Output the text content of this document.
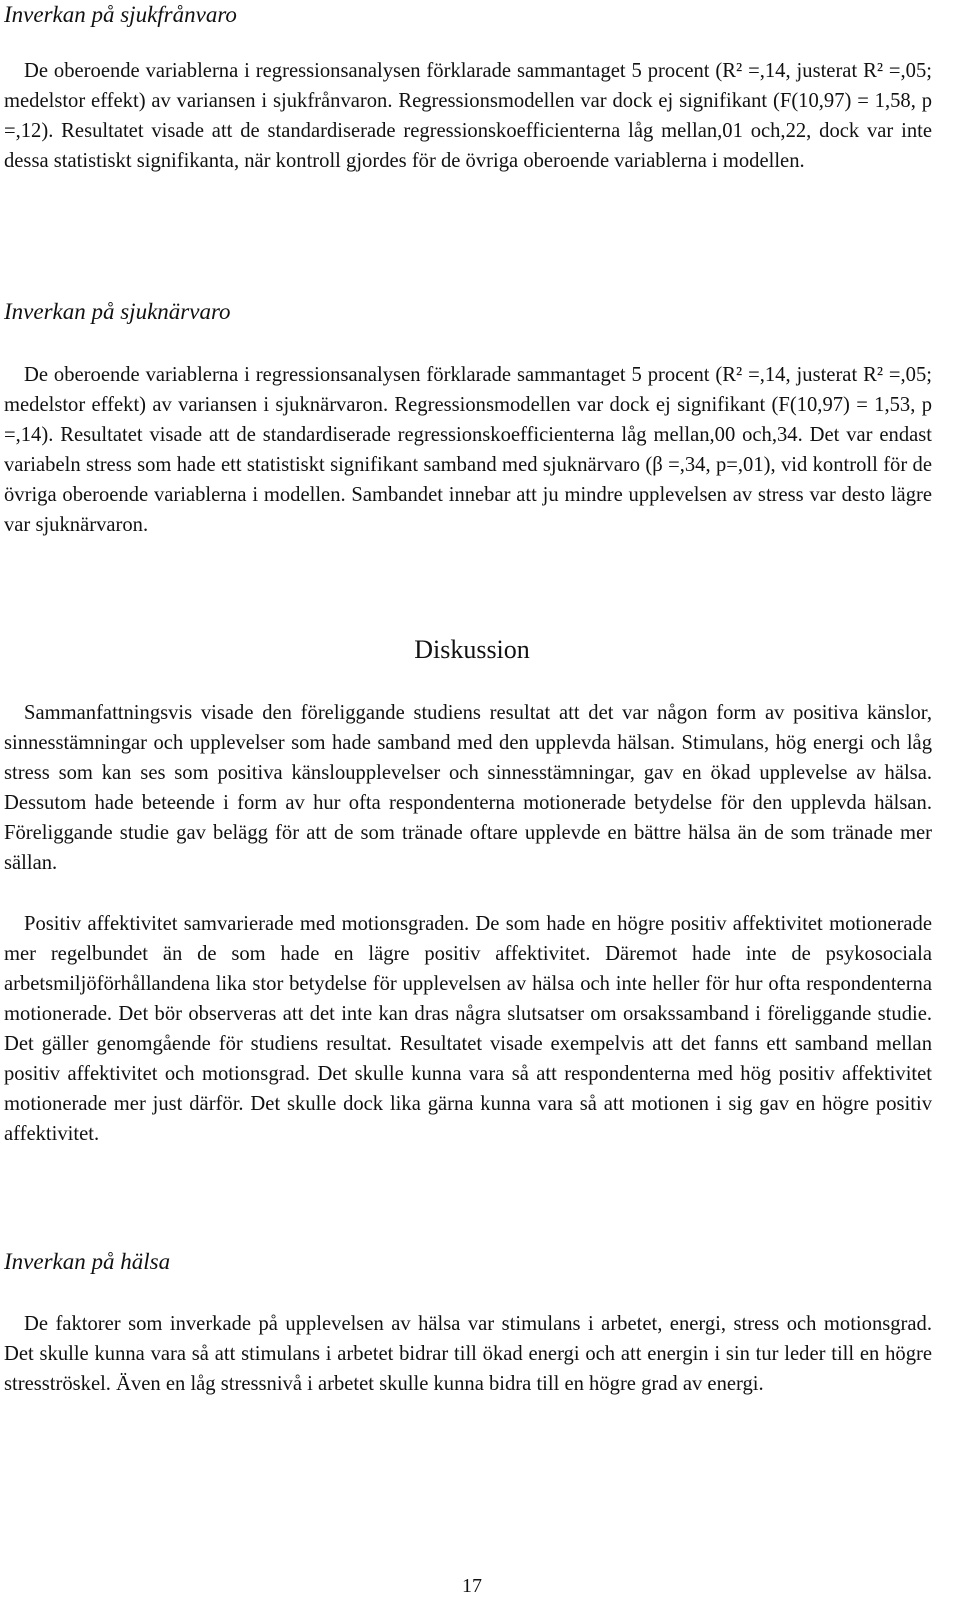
Inverkan på sjukfrånvaro

De oberoende variablerna i regressionsanalysen förklarade sammantaget 5 procent (R² =,14, justerat R² =,05; medelstor effekt) av variansen i sjukfrånvaron. Regressionsmodellen var dock ej signifikant (F(10,97) = 1,58, p =,12). Resultatet visade att de standardiserade regressionskoefficienterna låg mellan,01 och,22, dock var inte dessa statistiskt signifikanta, när kontroll gjordes för de övriga oberoende variablerna i modellen.

Inverkan på sjuknärvaro

De oberoende variablerna i regressionsanalysen förklarade sammantaget 5 procent (R² =,14, justerat R² =,05; medelstor effekt) av variansen i sjuknärvaron. Regressionsmodellen var dock ej signifikant (F(10,97) = 1,53, p =,14). Resultatet visade att de standardiserade regressionskoefficienterna låg mellan,00 och,34. Det var endast variabeln stress som hade ett statistiskt signifikant samband med sjuknärvaro (β =,34, p=,01), vid kontroll för de övriga oberoende variablerna i modellen. Sambandet innebar att ju mindre upplevelsen av stress var desto lägre var sjuknärvaron.

Diskussion

Sammanfattningsvis visade den föreliggande studiens resultat att det var någon form av positiva känslor, sinnesstämningar och upplevelser som hade samband med den upplevda hälsan. Stimulans, hög energi och låg stress som kan ses som positiva känsloupplevelser och sinnesstämningar, gav en ökad upplevelse av hälsa. Dessutom hade beteende i form av hur ofta respondenterna motionerade betydelse för den upplevda hälsan. Föreliggande studie gav belägg för att de som tränade oftare upplevde en bättre hälsa än de som tränade mer sällan.

Positiv affektivitet samvarierade med motionsgraden. De som hade en högre positiv affektivitet motionerade mer regelbundet än de som hade en lägre positiv affektivitet. Däremot hade inte de psykosociala arbetsmiljöförhållandena lika stor betydelse för upplevelsen av hälsa och inte heller för hur ofta respondenterna motionerade. Det bör observeras att det inte kan dras några slutsatser om orsakssamband i föreliggande studie. Det gäller genomgående för studiens resultat. Resultatet visade exempelvis att det fanns ett samband mellan positiv affektivitet och motionsgrad. Det skulle kunna vara så att respondenterna med hög positiv affektivitet motionerade mer just därför. Det skulle dock lika gärna kunna vara så att motionen i sig gav en högre positiv affektivitet.

Inverkan på hälsa

De faktorer som inverkade på upplevelsen av hälsa var stimulans i arbetet, energi, stress och motionsgrad. Det skulle kunna vara så att stimulans i arbetet bidrar till ökad energi och att energin i sin tur leder till en högre stresströskel. Även en låg stressnivå i arbetet skulle kunna bidra till en högre grad av energi.

17
